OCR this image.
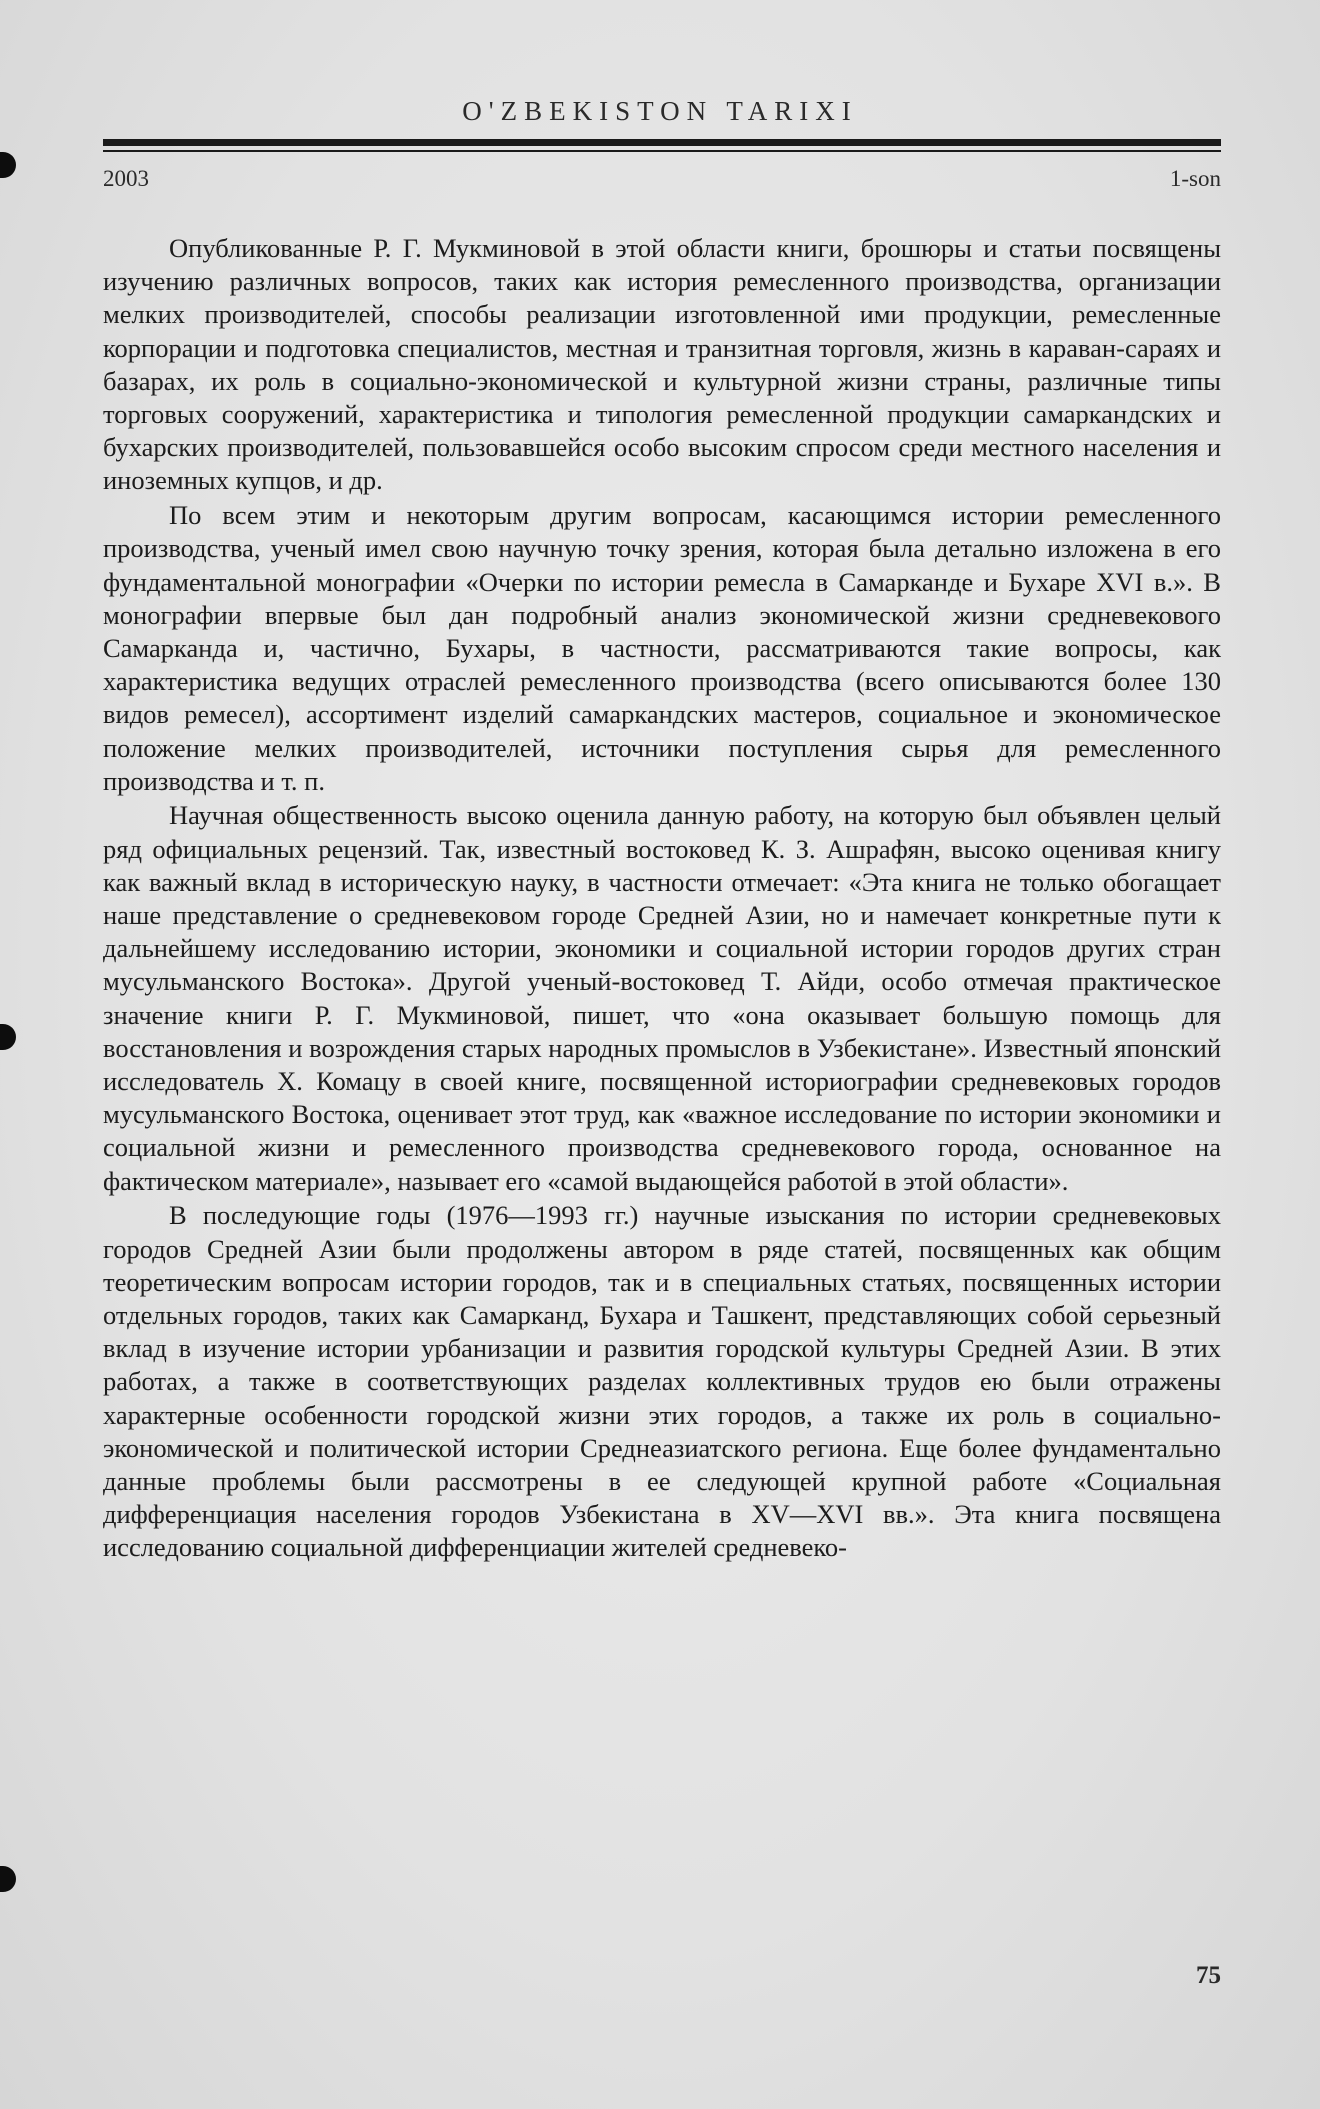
O'ZBEKISTON TARIXI
2003	1-son

Опубликованные Р. Г. Мукминовой в этой области книги, брошюры и статьи посвящены изучению различных вопросов, таких как история ремесленного производства, организации мелких производителей, способы реализации изготовленной ими продукции, ремесленные корпорации и подготовка специалистов, местная и транзитная торговля, жизнь в караван-сараях и базарах, их роль в социально-экономической и культурной жизни страны, различные типы торговых сооружений, характеристика и типология ремесленной продукции самаркандских и бухарских производителей, пользовавшейся особо высоким спросом среди местного населения и иноземных купцов, и др.

По всем этим и некоторым другим вопросам, касающимся истории ремесленного производства, ученый имел свою научную точку зрения, которая была детально изложена в его фундаментальной монографии «Очерки по истории ремесла в Самарканде и Бухаре XVI в.». В монографии впервые был дан подробный анализ экономической жизни средневекового Самарканда и, частично, Бухары, в частности, рассматриваются такие вопросы, как характеристика ведущих отраслей ремесленного производства (всего описываются более 130 видов ремесел), ассортимент изделий самаркандских мастеров, социальное и экономическое положение мелких производителей, источники поступления сырья для ремесленного производства и т. п.

Научная общественность высоко оценила данную работу, на которую был объявлен целый ряд официальных рецензий. Так, известный востоковед К. З. Ашрафян, высоко оценивая книгу как важный вклад в историческую науку, в частности отмечает: «Эта книга не только обогащает наше представление о средневековом городе Средней Азии, но и намечает конкретные пути к дальнейшему исследованию истории, экономики и социальной истории городов других стран мусульманского Востока». Другой ученый-востоковед Т. Айди, особо отмечая практическое значение книги Р. Г. Мукминовой, пишет, что «она оказывает большую помощь для восстановления и возрождения старых народных промыслов в Узбекистане». Известный японский исследователь Х. Комацу в своей книге, посвященной историографии средневековых городов мусульманского Востока, оценивает этот труд, как «важное исследование по истории экономики и социальной жизни и ремесленного производства средневекового города, основанное на фактическом материале», называет его «самой выдающейся работой в этой области».

В последующие годы (1976—1993 гг.) научные изыскания по истории средневековых городов Средней Азии были продолжены автором в ряде статей, посвященных как общим теоретическим вопросам истории городов, так и в специальных статьях, посвященных истории отдельных городов, таких как Самарканд, Бухара и Ташкент, представляющих собой серьезный вклад в изучение истории урбанизации и развития городской культуры Средней Азии. В этих работах, а также в соответствующих разделах коллективных трудов ею были отражены характерные особенности городской жизни этих городов, а также их роль в социально-экономической и политической истории Среднеазиатского региона. Еще более фундаментально данные проблемы были рассмотрены в ее следующей крупной работе «Социальная дифференциация населения городов Узбекистана в XV—XVI вв.». Эта книга посвящена исследованию социальной дифференциации жителей средневеко-

75
